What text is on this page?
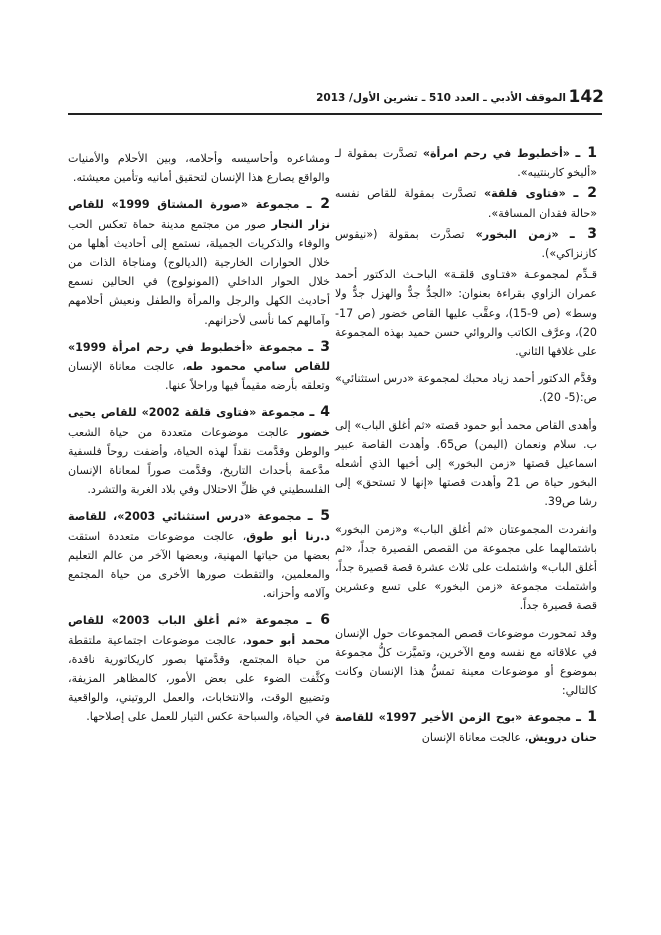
142
الموقف الأدبي ـ العدد 510 ـ تشرين الأول/ 2013

1 ـ «أخطبوط في رحم امرأة» تصدَّرت بمقولة لـ «أليخو كاربنتييه».

2 ـ «فتاوى قلقة» تصدَّرت بمقولة للقاص نفسه «حالة فقدان المسافة».

3 ـ «زمن البخور» تصدَّرت بمقولة («نيقوس كازنزاكي»).

قـدِّم لمجموعـة «فتـاوى قلقـة» الباحـث الدكتور أحمد عمران الزاوي بقراءة بعنوان: «الجدُّ جدٌّ والهزل جدٌّ ولا وسط» (ص 9-15)، وعقَّب عليها القاص خضور (ص 17-20)، وعرَّف الكاتب والروائي حسن حميد بهذه المجموعة على غلافها الثاني.

وقدَّم الدكتور أحمد زياد محبك لمجموعة «درس استثنائي» ص:(5- 20).

وأهدى القاص محمد أبو حمود قصته «ثم أغلق الباب» إلى ب. سلام ونعمان (اليمن) ص65. وأهدت القاصة عبير اسماعيل قصتها «زمن البخور» إلى أخيها الذي أشعله البخور حياة ص 21 وأهدت قصتها «إنها لا تستحق» إلى رشا ص39.

وانفردت المجموعتان «ثم أغلق الباب» و«زمن البخور» باشتمالهما على مجموعة من القصص القصيرة جداً، «ثم أغلق الباب» واشتملت على ثلاث عشرة قصة قصيرة جداً، واشتملت مجموعة «زمن البخور» على تسع وعشرين قصة قصيرة جداً.

وقد تمحورت موضوعات قصص المجموعات حول الإنسان في علاقاته مع نفسه ومع الآخرين، وتميَّزت كلُّ مجموعة بموضوع أو موضوعات معينة تمسُّ هذا الإنسان وكانت كالتالي:

1 ـ مجموعة «بوح الزمن الأخير 1997» للقاصة حنان درويش، عالجت معاناة الإنسان

ومشاعره وأحاسيسه وأحلامه، وبين الأحلام والأمنيات والواقع يصارع هذا الإنسان لتحقيق أمانيه وتأمين معيشته.

2 ـ مجموعة «صورة المشتاق 1999» للقاص نزار النجار صور من مجتمع مدينة حماة تعكس الحب والوفاء والذكريات الجميلة، نستمع إلى أحاديث أهلها من خلال الحوارات الخارجية (الديالوج) ومناجاة الذات من خلال الحوار الداخلي (المونولوج) في الحالين نسمع أحاديث الكهل والرجل والمرأة والطفل ونعيش أحلامهم وآمالهم كما نأسى لأحزانهم.

3 ـ مجموعة «أخطبوط في رحم امرأة 1999» للقاص سامي محمود طه، عالجت معاناة الإنسان وتعلقه بأرضه مقيماً فيها وراحلاً عنها.

4 ـ مجموعة «فتاوى قلقة 2002» للقاص يحيى خضور عالجت موضوعات متعددة من حياة الشعب والوطن وقدَّمت نقداً لهذه الحياة، وأضفت روحاً فلسفية مدَّعمة بأحداث التاريخ، وقدَّمت صوراً لمعاناة الإنسان الفلسطيني في ظلِّ الاحتلال وفي بلاد الغربة والتشرد.

5 ـ مجموعة «درس استثنائي 2003»، للقاصة د.رنا أبو طوق، عالجت موضوعات متعددة استقت بعضها من حياتها المهنية، وبعضها الآخر من عالم التعليم والمعلمين، والتقطت صورها الأخرى من حياة المجتمع وآلامه وأحزانه.

6 ـ مجموعة «ثم أغلق الباب 2003» للقاص محمد أبو حمود، عالجت موضوعات اجتماعية ملتقطة من حياة المجتمع، وقدَّمتها بصور كاريكاتورية ناقدة، وكثَّفت الضوء على بعض الأمور، كالمظاهر المزيفة، وتضييع الوقت، والانتخابات، والعمل الروتيني، والواقعية في الحياة، والسباحة عكس التيار للعمل على إصلاحها.
